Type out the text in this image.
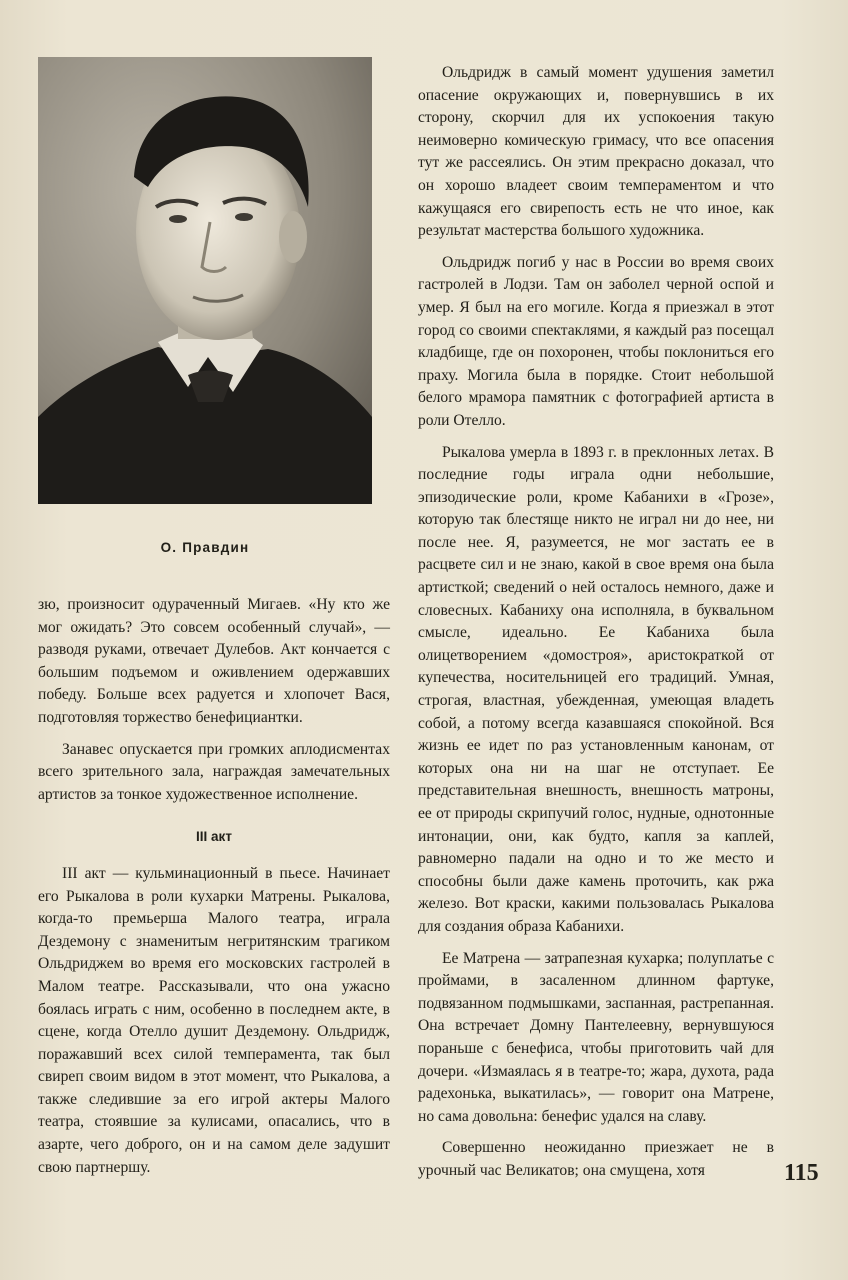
О. Правдин

зю, произносит одураченный Мигаев. «Ну кто же мог ожидать? Это совсем особенный случай», — разводя руками, отвечает Дулебов. Акт кончается с большим подъемом и оживлением одержавших победу. Больше всех радуется и хлопочет Вася, подготовляя торжество бенефициантки.

Занавес опускается при громких аплодисментах всего зрительного зала, награждая замечательных артистов за тонкое художественное исполнение.

III акт

III акт — кульминационный в пьесе. Начинает его Рыкалова в роли кухарки Матрены. Рыкалова, когда-то премьерша Малого театра, играла Дездемону с знаменитым негритянским трагиком Ольдриджем во время его московских гастролей в Малом театре. Рассказывали, что она ужасно боялась играть с ним, особенно в последнем акте, в сцене, когда Отелло душит Дездемону. Ольдридж, поражавший всех силой темперамента, так был свиреп своим видом в этот момент, что Рыкалова, а также следившие за его игрой актеры Малого театра, стоявшие за кулисами, опасались, что в азарте, чего доброго, он и на самом деле задушит свою партнершу.

Ольдридж в самый момент удушения заметил опасение окружающих и, повернувшись в их сторону, скорчил для их успокоения такую неимоверно комическую гримасу, что все опасения тут же рассеялись. Он этим прекрасно доказал, что он хорошо владеет своим темпераментом и что кажущаяся его свирепость есть не что иное, как результат мастерства большого художника.

Ольдридж погиб у нас в России во время своих гастролей в Лодзи. Там он заболел черной оспой и умер. Я был на его могиле. Когда я приезжал в этот город со своими спектаклями, я каждый раз посещал кладбище, где он похоронен, чтобы поклониться его праху. Могила была в порядке. Стоит небольшой белого мрамора памятник с фотографией артиста в роли Отелло.

Рыкалова умерла в 1893 г. в преклонных летах. В последние годы играла одни небольшие, эпизодические роли, кроме Кабанихи в «Грозе», которую так блестяще никто не играл ни до нее, ни после нее. Я, разумеется, не мог застать ее в расцвете сил и не знаю, какой в свое время она была артисткой; сведений о ней осталось немного, даже и словесных. Кабаниху она исполняла, в буквальном смысле, идеально. Ее Кабаниха была олицетворением «домостроя», аристократкой от купечества, носительницей его традиций. Умная, строгая, властная, убежденная, умеющая владеть собой, а потому всегда казавшаяся спокойной. Вся жизнь ее идет по раз установленным канонам, от которых она ни на шаг не отступает. Ее представительная внешность, внешность матроны, ее от природы скрипучий голос, нудные, однотонные интонации, они, как будто, капля за каплей, равномерно падали на одно и то же место и способны были даже камень проточить, как ржа железо. Вот краски, какими пользовалась Рыкалова для создания образа Кабанихи.

Ее Матрена — затрапезная кухарка; полуплатье с проймами, в засаленном длинном фартуке, подвязанном подмышками, заспанная, растрепанная. Она встречает Домну Пантелеевну, вернувшуюся пораньше с бенефиса, чтобы приготовить чай для дочери. «Измаялась я в театре-то; жара, духота, рада радехонька, выкатилась», — говорит она Матрене, но сама довольна: бенефис удался на славу.

Совершенно неожиданно приезжает не в урочный час Великатов; она смущена, хотя	115
